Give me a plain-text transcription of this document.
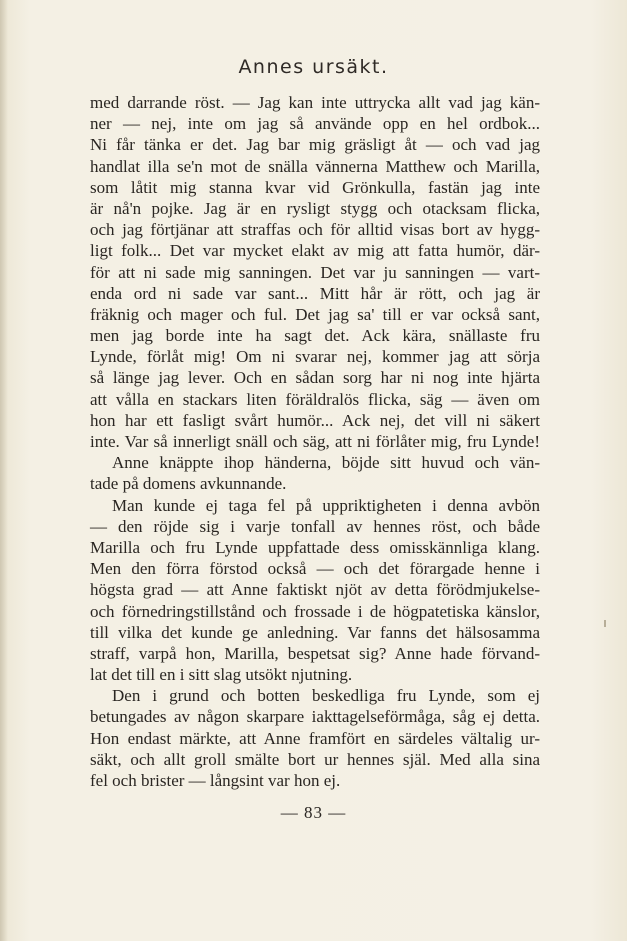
Annes ursäkt.
med darrande röst. — Jag kan inte uttrycka allt vad jag kän-
ner — nej, inte om jag så använde opp en hel ordbok...
Ni får tänka er det. Jag bar mig gräsligt åt — och vad jag
handlat illa se'n mot de snälla vännerna Matthew och Marilla,
som låtit mig stanna kvar vid Grönkulla, fastän jag inte
är nå'n pojke. Jag är en rysligt stygg och otacksam flicka,
och jag förtjänar att straffas och för alltid visas bort av hygg-
ligt folk... Det var mycket elakt av mig att fatta humör, där-
för att ni sade mig sanningen. Det var ju sanningen — vart-
enda ord ni sade var sant... Mitt hår är rött, och jag är
fräknig och mager och ful. Det jag sa' till er var också sant,
men jag borde inte ha sagt det. Ack kära, snällaste fru
Lynde, förlåt mig! Om ni svarar nej, kommer jag att sörja
så länge jag lever. Och en sådan sorg har ni nog inte hjärta
att vålla en stackars liten föräldralös flicka, säg — även om
hon har ett fasligt svårt humör... Ack nej, det vill ni säkert
inte. Var så innerligt snäll och säg, att ni förlåter mig, fru Lynde!
Anne knäppte ihop händerna, böjde sitt huvud och vän-
tade på domens avkunnande.
Man kunde ej taga fel på uppriktigheten i denna avbön
— den röjde sig i varje tonfall av hennes röst, och både
Marilla och fru Lynde uppfattade dess omisskännliga klang.
Men den förra förstod också — och det förargade henne i
högsta grad — att Anne faktiskt njöt av detta förödmjukelse-
och förnedringstillstånd och frossade i de högpatetiska känslor,
till vilka det kunde ge anledning. Var fanns det hälsosamma
straff, varpå hon, Marilla, bespetsat sig? Anne hade förvand-
lat det till en i sitt slag utsökt njutning.
Den i grund och botten beskedliga fru Lynde, som ej
betungades av någon skarpare iakttagelseförmåga, såg ej detta.
Hon endast märkte, att Anne framfört en särdeles vältalig ur-
säkt, och allt groll smälte bort ur hennes själ. Med alla sina
fel och brister — långsint var hon ej.
— 83 —
